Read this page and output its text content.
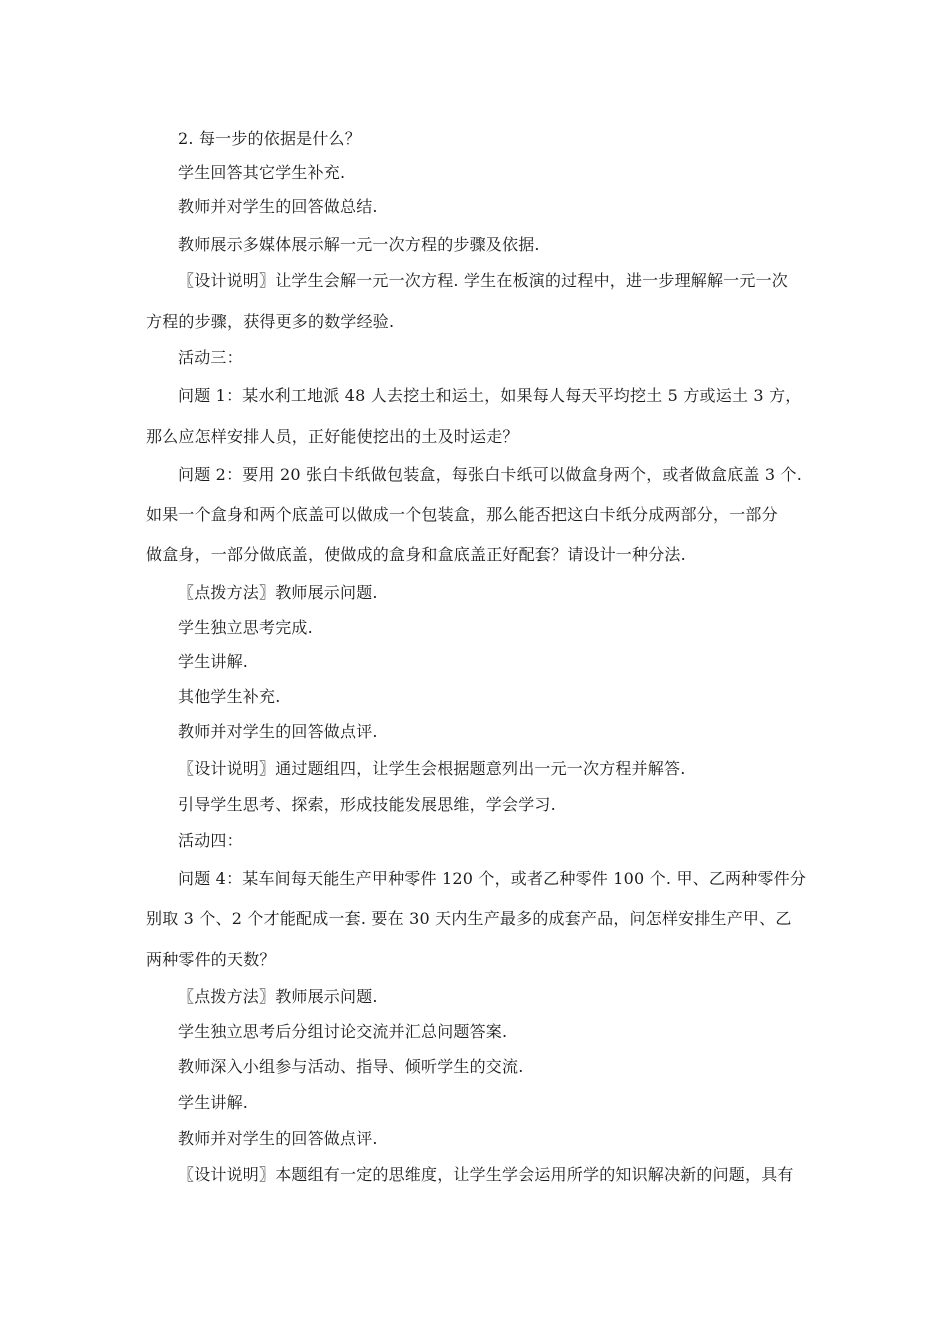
2. 每一步的依据是什么？
学生回答其它学生补充.
教师并对学生的回答做总结.
教师展示多媒体展示解一元一次方程的步骤及依据.
〖设计说明〗让学生会解一元一次方程. 学生在板演的过程中，进一步理解解一元一次
方程的步骤，获得更多的数学经验.
活动三：
问题 1：某水利工地派 48 人去挖土和运土，如果每人每天平均挖土 5 方或运土 3 方，
那么应怎样安排人员，正好能使挖出的土及时运走？
问题 2：要用 20 张白卡纸做包装盒，每张白卡纸可以做盒身两个，或者做盒底盖 3 个.
如果一个盒身和两个底盖可以做成一个包装盒，那么能否把这白卡纸分成两部分，一部分
做盒身，一部分做底盖，使做成的盒身和盒底盖正好配套？请设计一种分法.
〖点拨方法〗教师展示问题.
学生独立思考完成.
学生讲解.
其他学生补充.
教师并对学生的回答做点评.
〖设计说明〗通过题组四，让学生会根据题意列出一元一次方程并解答.
引导学生思考、探索，形成技能发展思维，学会学习.
活动四：
问题 4：某车间每天能生产甲种零件 120 个，或者乙种零件 100 个. 甲、乙两种零件分
别取 3 个、2 个才能配成一套. 要在 30 天内生产最多的成套产品，问怎样安排生产甲、乙
两种零件的天数？
〖点拨方法〗教师展示问题.
学生独立思考后分组讨论交流并汇总问题答案.
教师深入小组参与活动、指导、倾听学生的交流.
学生讲解.
教师并对学生的回答做点评.
〖设计说明〗本题组有一定的思维度，让学生学会运用所学的知识解决新的问题，具有
